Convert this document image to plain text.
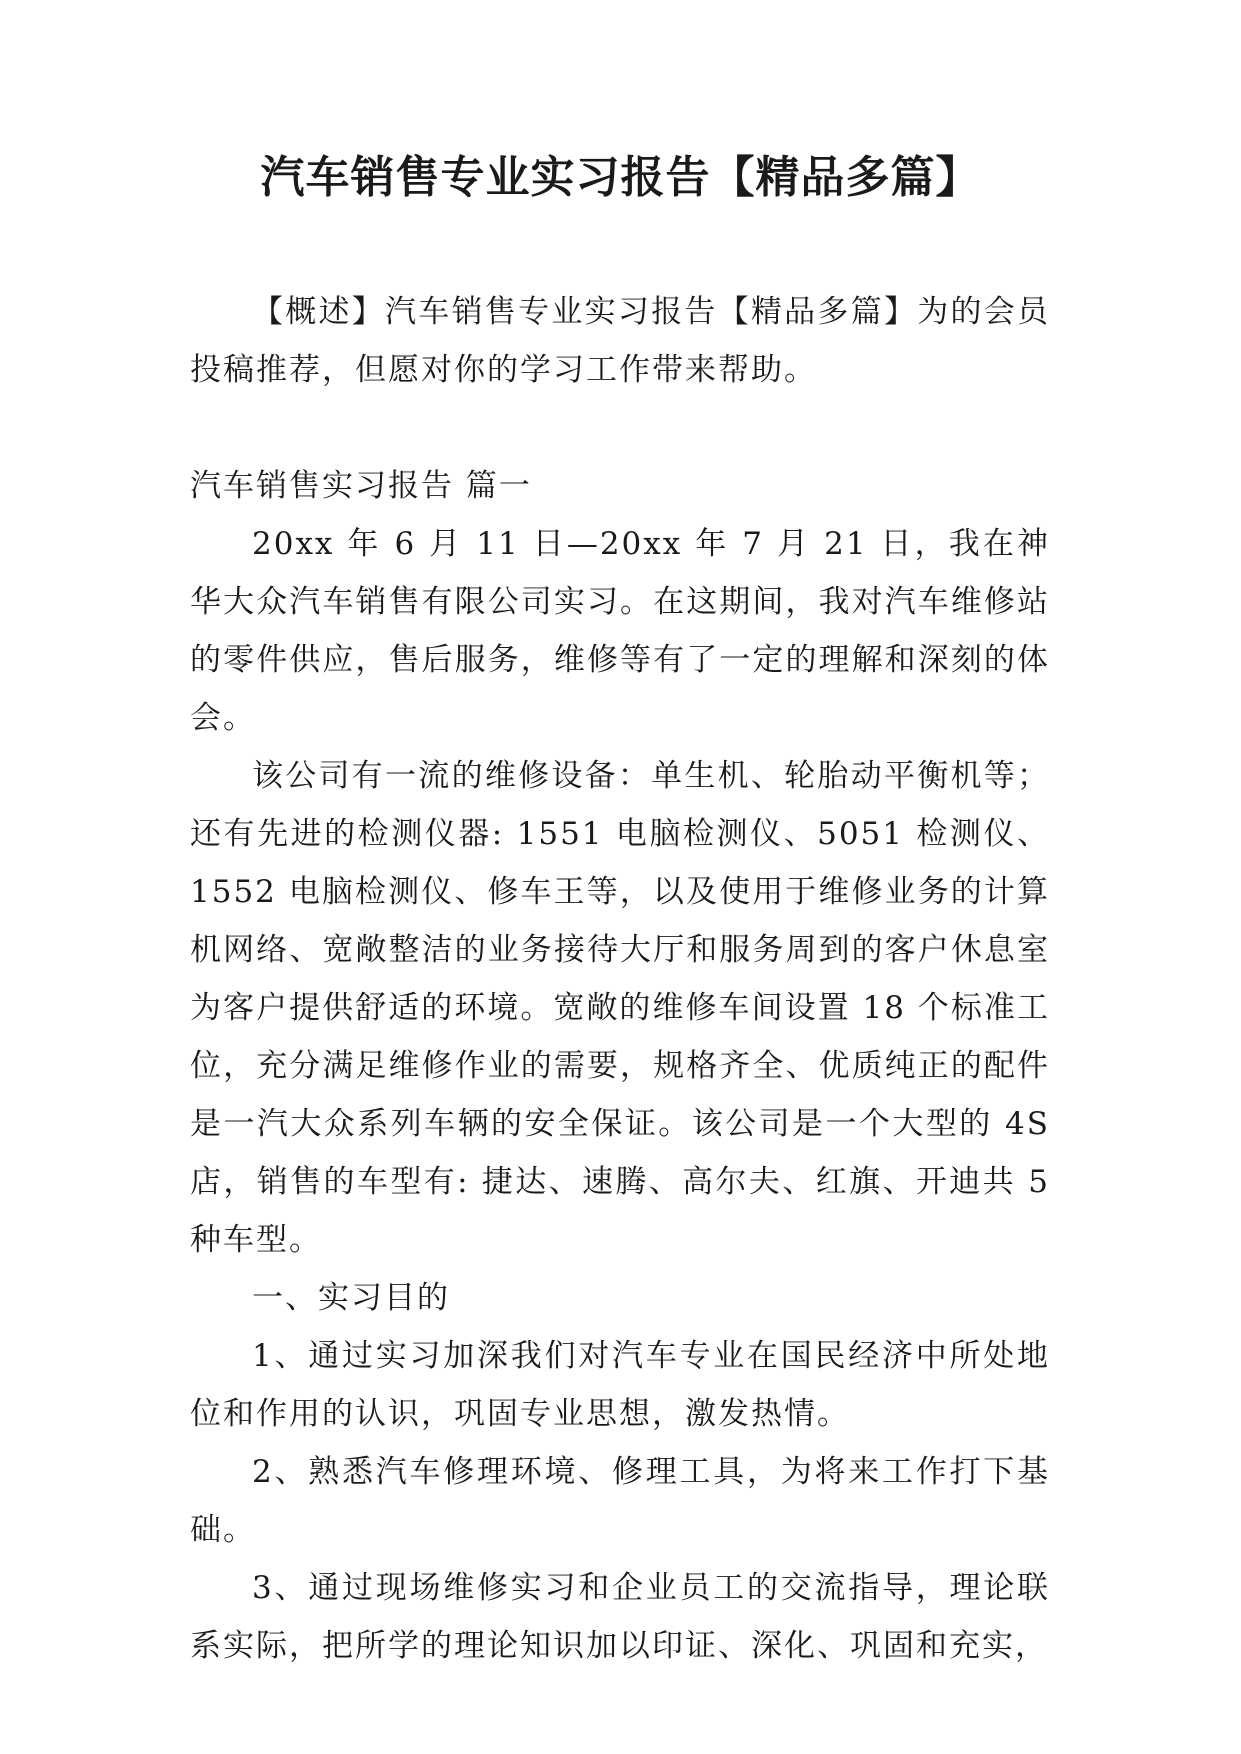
汽车销售专业实习报告【精品多篇】

【概述】汽车销售专业实习报告【精品多篇】为的会员投稿推荐，但愿对你的学习工作带来帮助。

汽车销售实习报告 篇一

20xx 年 6 月 11 日—20xx 年 7 月 21 日，我在神华大众汽车销售有限公司实习。在这期间，我对汽车维修站的零件供应，售后服务，维修等有了一定的理解和深刻的体会。

该公司有一流的维修设备：单生机、轮胎动平衡机等；还有先进的检测仪器: 1551 电脑检测仪、5051 检测仪、1552 电脑检测仪、修车王等，以及使用于维修业务的计算机网络、宽敞整洁的业务接待大厅和服务周到的客户休息室为客户提供舒适的环境。宽敞的维修车间设置 18 个标准工位，充分满足维修作业的需要，规格齐全、优质纯正的配件是一汽大众系列车辆的安全保证。该公司是一个大型的 4S 店，销售的车型有: 捷达、速腾、高尔夫、红旗、开迪共 5 种车型。

一、实习目的

1、通过实习加深我们对汽车专业在国民经济中所处地位和作用的认识，巩固专业思想，激发热情。

2、熟悉汽车修理环境、修理工具，为将来工作打下基础。

3、通过现场维修实习和企业员工的交流指导，理论联系实际，把所学的理论知识加以印证、深化、巩固和充实，
